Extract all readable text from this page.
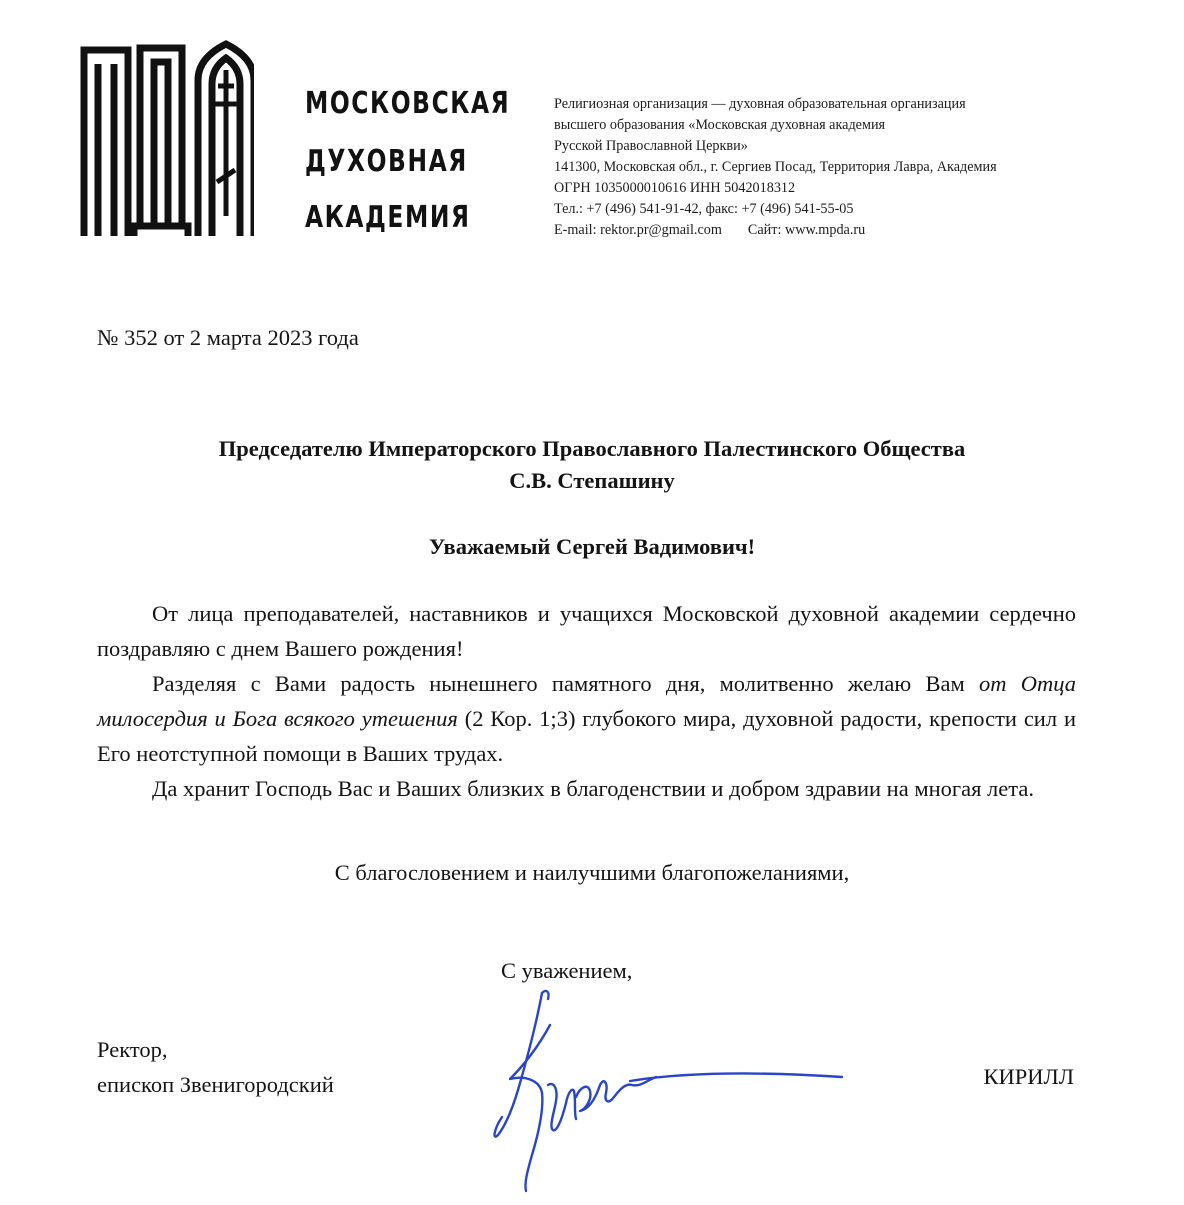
МОСКОВСКАЯ
ДУХОВНАЯ
АКАДЕМИЯ
Религиозная организация — духовная образовательная организация
высшего образования «Московская духовная академия
Русской Православной Церкви»
141300, Московская обл., г. Сергиев Посад, Территория Лавра, Академия
ОГРН 1035000010616 ИНН 5042018312
Тел.: +7 (496) 541-91-42, факс: +7 (496) 541-55-05
E-mail: rektor.pr@gmail.com Сайт: www.mpda.ru
№ 352 от 2 марта 2023 года
Председателю Императорского Православного Палестинского Общества
С.В. Степашину
Уважаемый Сергей Вадимович!

От лица преподавателей, наставников и учащихся Московской духовной академии сердечно поздравляю с днем Вашего рождения!

Разделяя с Вами радость нынешнего памятного дня, молитвенно желаю Вам от Отца милосердия и Бога всякого утешения (2 Кор. 1;3) глубокого мира, духовной радости, крепости сил и Его неотступной помощи в Ваших трудах.

Да хранит Господь Вас и Ваших близких в благоденствии и добром здравии на многая лета.

С благословением и наилучшими благопожеланиями,
С уважением,
Ректор,
епископ Звенигородский	КИРИЛЛ
